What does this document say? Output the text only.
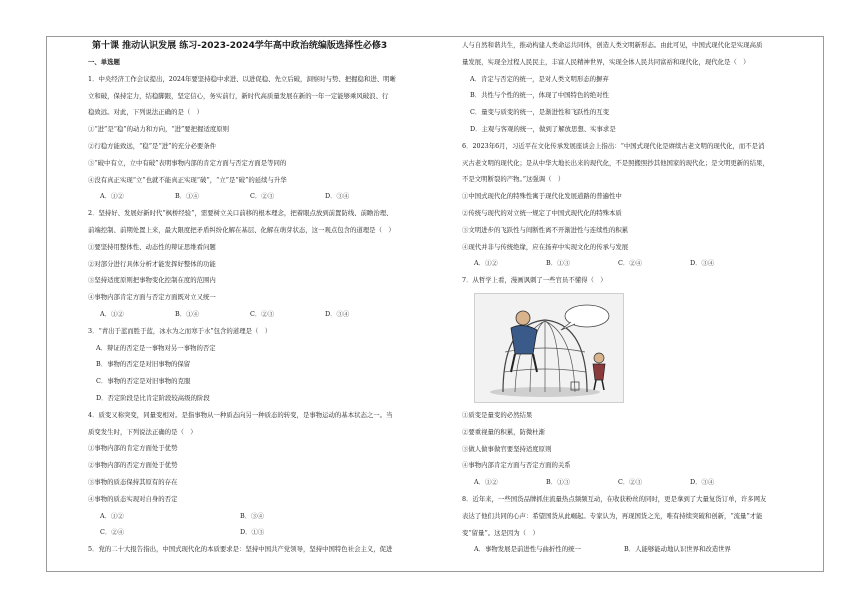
第十课 推动认识发展 练习-2023-2024学年高中政治统编版选择性必修3
一、单选题
1．中央经济工作会议提出，2024年要坚持稳中求进、以进促稳、先立后破，洞察时与势、把握稳和进、明晰
立和破，保持定力，结稳脚跟，坚定信心，务实前行，新时代高质量发展在新的一年一定能够乘风破浪、行
稳致远。对此，下列说法正确的是（　）
①“进”是“稳”的动力和方向，“进”要把握适度原则
②行稳方能致远，“稳”是“进”的充分必要条件
③“破中有立，立中有破”表明事物内部的肯定方面与否定方面是等同的
④没有真正实现“立”也就不能真正实现“破”，“立”是“破”的延续与升华
A．①②	B．①④	C．②③	D．③④
2．坚持好、发展好新时代“枫桥经验”，需要树立关口前移的根本理念，把着眼点放到前置防线、前瞻治理、
前端控制、前期处置上来，最大限度把矛盾纠纷化解在基层、化解在萌芽状态，这一观点包含的道理是（　）
①要坚持用整体性、动态性的辩证思维看问题
②对部分进行具体分析才能发挥好整体的功能
③坚持适度原则把事物变化控制在度的范围内
④事物内部肯定方面与否定方面既对立又统一
A．①②	B．①④	C．②③	D．③④
3．“青出于蓝而胜于蓝，冰水为之而寒于水”包含的道理是（　）
A．辩证的否定是一事物对另一事物的否定
B．事物的否定是对旧事物的保留
C．事物的否定是对旧事物的克服
D．否定阶段是比肯定阶段较高级的阶段
4．质变又称突变，同量变相对。是指事物从一种质态向另一种质态的转变，是事物运动的基本状态之一。当
质变发生时，下列说法正确的是（　）
①事物内部的肯定方面处于优势
②事物内部的否定方面处于优势
③事物的质态保持其原有的存在
④事物的质态实现对自身的否定
A．①②	B．③④
C．②④	D．①③
5．党的二十大报告指出，中国式现代化的本质要求是：坚持中国共产党领导，坚持中国特色社会主义，促进
人与自然和谐共生，推动构建人类命运共同体，创造人类文明新形态。由此可见，中国式现代化是实现高质
量发展，实现全过程人民民主，丰富人民精神世界，实现全体人民共同富裕和现代化，现代化是（　）
A．肯定与否定的统一，是对人类文明形态的摒弃
B．共性与个性的统一，体现了中国特色的绝对性
C．量变与质变的统一，是渐进性和飞跃性的互变
D．主观与客观的统一，做到了解放思想、实事求是
6．2023年6月，习近平在文化传承发展座谈会上指出：“中国式现代化是赓续古老文明的现代化，而不是消
灭古老文明的现代化；是从中华大地长出来的现代化，不是照搬照抄其他国家的现代化；是文明更新的结果，
不是文明断裂的产物。”这强调（　）
①中国式现代化的特殊性寓于现代化发展道路的普遍性中
②传统与现代的对立统一规定了中国式现代化的特殊本质
③文明进步的飞跃性与间断性离不开渐进性与连续性的积累
④现代并非与传统绝缘，应在扬弃中实现文化的传承与发展
A．①②	B．①③	C．②④	D．③④
7．从哲学上看，漫画讽刺了一些官员不懂得（　）
①质变是量变的必然结果
②要重视量的积累，防微杜渐
③做人做事做官要坚持适度原则
④事物内部肯定方面与否定方面的关系
A．①②	B．①③	C．②③	D．③④
8．近年来，一些国货品牌抓住流量热点频频互动，在收获粉丝的同时，更是拿到了大量复货订单，许多网友
表达了他们共同的心声：希望国货从此崛起。专家认为，再现国货之光，唯有持续突破和创新，“流量”才能
变“留量”。这是因为（　）
A．事物发展是前进性与曲折性的统一	B．人能够能动地认识世界和改造世界
